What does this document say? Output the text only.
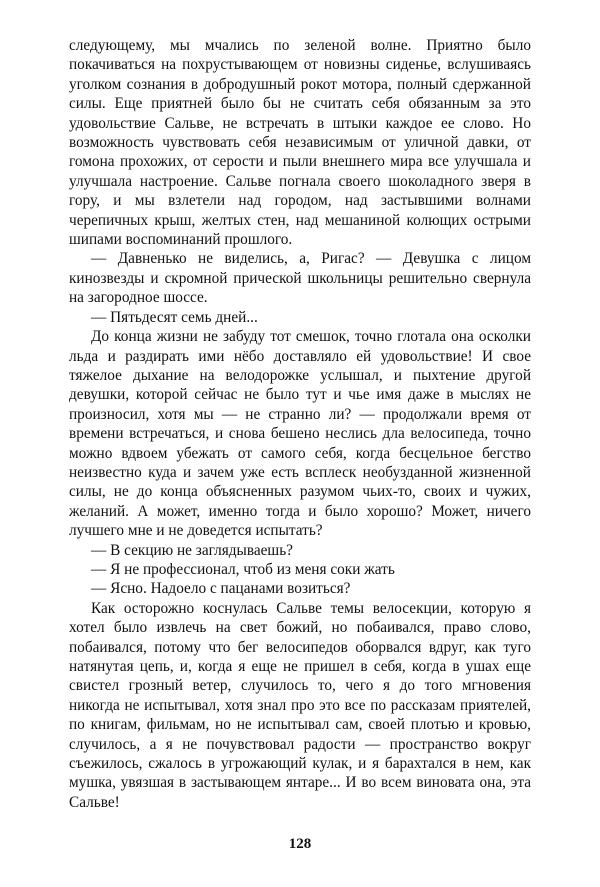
следующему, мы мчались по зеленой волне. Приятно было покачиваться на похрустывающем от новизны сиденье, вслушиваясь уголком сознания в добродушный рокот мотора, полный сдержанной силы. Еще приятней было бы не считать себя обязанным за это удовольствие Сальве, не встречать в штыки каждое ее слово. Но возможность чувствовать себя независимым от уличной давки, от гомона прохожих, от серости и пыли внешнего мира все улучшала и улучшала настроение. Сальве погнала своего шоколадного зверя в гору, и мы взлетели над городом, над застывшими волнами черепичных крыш, желтых стен, над мешаниной колющих острыми шипами воспоминаний прошлого.

— Давненько не виделись, а, Ригас? — Девушка с лицом кинозвезды и скромной прической школьницы решительно свернула на загородное шоссе.

— Пятьдесят семь дней...

До конца жизни не забуду тот смешок, точно глотала она осколки льда и раздирать ими нёбо доставляло ей удовольствие! И свое тяжелое дыхание на велодорожке услышал, и пыхтение другой девушки, которой сейчас не было тут и чье имя даже в мыслях не произносил, хотя мы — не странно ли? — продолжали время от времени встречаться, и снова бешено неслись дла велосипеда, точно можно вдвоем убежать от самого себя, когда бесцельное бегство неизвестно куда и зачем уже есть всплеск необузданной жизненной силы, не до конца объясненных разумом чьих-то, своих и чужих, желаний. А может, именно тогда и было хорошо? Может, ничего лучшего мне и не доведется испытать?

— В секцию не заглядываешь?

— Я не профессионал, чтоб из меня соки жать

— Ясно. Надоело с пацанами возиться?

Как осторожно коснулась Сальве темы велосекции, которую я хотел было извлечь на свет божий, но побаивался, право слово, побаивался, потому что бег велосипедов оборвался вдруг, как туго натянутая цепь, и, когда я еще не пришел в себя, когда в ушах еще свистел грозный ветер, случилось то, чего я до того мгновения никогда не испытывал, хотя знал про это все по рассказам приятелей, по книгам, фильмам, но не испытывал сам, своей плотью и кровью, случилось, а я не почувствовал радости — пространство вокруг съежилось, сжалось в угрожающий кулак, и я барахтался в нем, как мушка, увязшая в застывающем янтаре... И во всем виновата она, эта Сальве!

128
